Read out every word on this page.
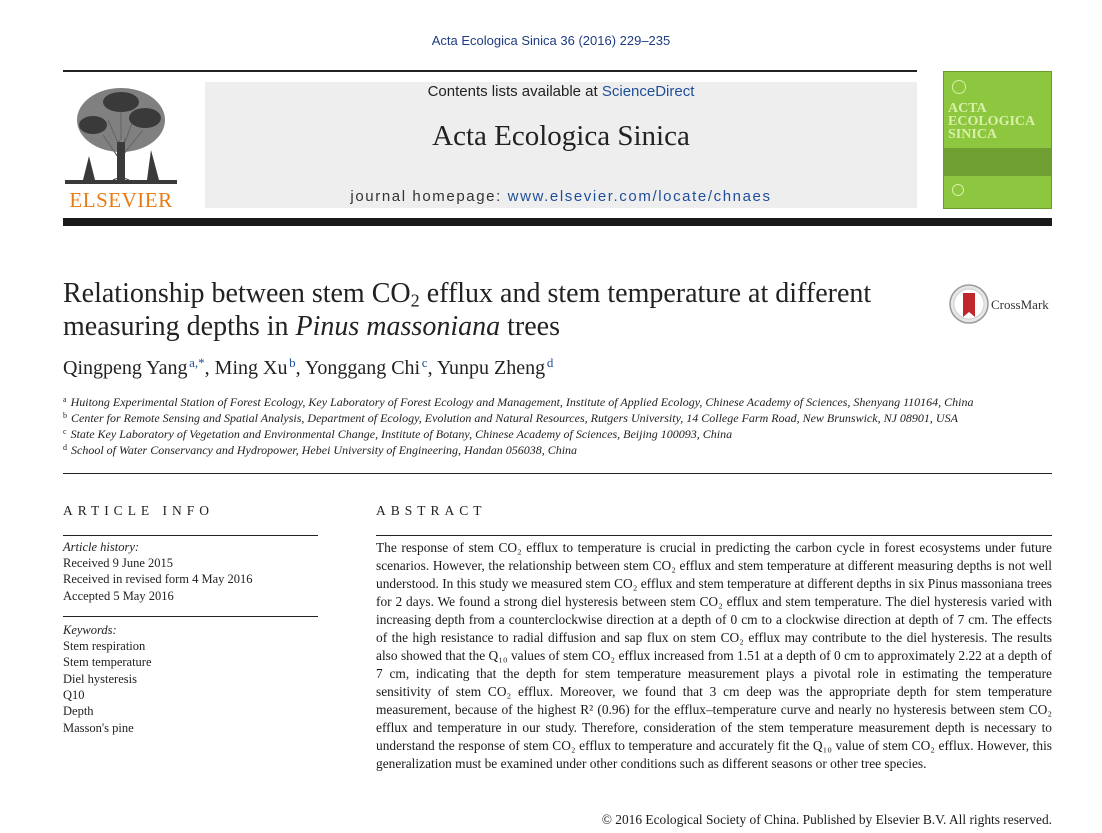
Acta Ecologica Sinica 36 (2016) 229–235
ELSEVIER
Contents lists available at ScienceDirect
Acta Ecologica Sinica
journal homepage: www.elsevier.com/locate/chnaes
ACTA
ECOLOGICA
SINICA
Relationship between stem $CO_2$ efflux and stem temperature at different
measuring depths in Pinus massoniana trees
CrossMark
Qingpeng Yang  $^{a,*}$, Ming Xu  $^b$, Yonggang Chi  $^c$, Yunpu Zheng  $^d$
$^a$ Huitong Experimental Station of Forest Ecology, Key Laboratory of Forest Ecology and Management, Institute of Applied Ecology, Chinese Academy of Sciences, Shenyang 110164, China
$^b$ Center for Remote Sensing and Spatial Analysis, Department of Ecology, Evolution and Natural Resources, Rutgers University, 14 College Farm Road, New Brunswick, NJ 08901, USA
$^c$ State Key Laboratory of Vegetation and Environmental Change, Institute of Botany, Chinese Academy of Sciences, Beijing 100093, China
$^d$ School of Water Conservancy and Hydropower, Hebei University of Engineering, Handan 056038, China
ARTICLE INFO
Article history:
Received 9 June 2015
Received in revised form 4 May 2016
Accepted 5 May 2016
Keywords:
Stem respiration
Stem temperature
Diel hysteresis
Q10
Depth
Masson's pine
ABSTRACT
The response of stem CO₂ efflux to temperature is crucial in predicting the carbon cycle in forest ecosystems under future scenarios. However, the relationship between stem CO₂ efflux and stem temperature at different measuring depths is not well understood. In this study we measured stem CO₂ efflux and stem temperature at different depths in six Pinus massoniana trees for 2 days. We found a strong diel hysteresis between stem CO₂ efflux and stem temperature. The diel hysteresis varied with increasing depth from a counterclockwise direction at a depth of 0 cm to a clockwise direction at depth of 7 cm. The effects of the high resistance to radial diffusion and sap flux on stem CO₂ efflux may contribute to the diel hysteresis. The results also showed that the Q₁₀ values of stem CO₂ efflux increased from 1.51 at a depth of 0 cm to approximately 2.22 at a depth of 7 cm, indicating that the depth for stem temperature measurement plays a pivotal role in estimating the temperature sensitivity of stem CO₂ efflux. Moreover, we found that 3 cm deep was the appropriate depth for stem temperature measurement, because of the highest R² (0.96) for the efflux–temperature curve and nearly no hysteresis between stem CO₂ efflux and temperature in our study. Therefore, consideration of the stem temperature measurement depth is necessary to understand the response of stem CO₂ efflux to temperature and accurately fit the Q₁₀ value of stem CO₂ efflux. However, this generalization must be examined under other conditions such as different seasons or other tree species.
© 2016 Ecological Society of China. Published by Elsevier B.V. All rights reserved.
